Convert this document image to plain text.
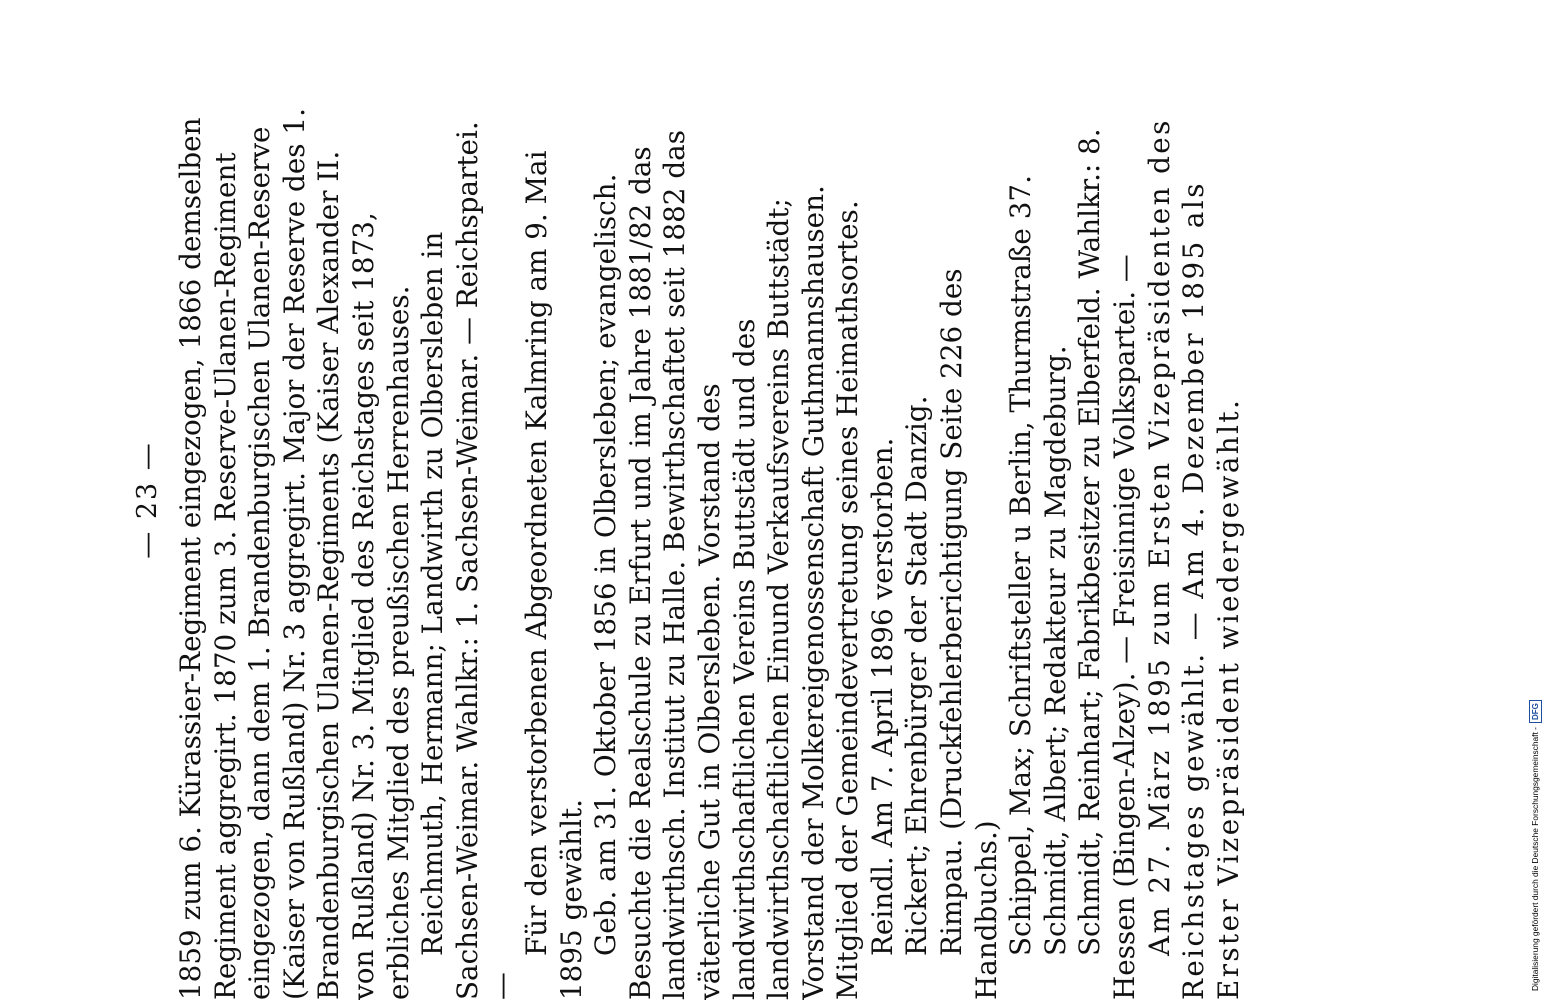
— 23 — 1859 zum 6. Kürassier-Regiment eingezogen, 1866 demselben Regiment aggregirt. 1870 zum 3. Reserve-Ulanen-Regiment eingezogen, dann dem 1. Brandenburgischen Ulanen-Reserve (Kaiser von Rußland) Nr. 3 aggregirt. Major der Reserve des 1. Brandenburgischen Ulanen-Regiments (Kaiser Alexander II. von Rußland) Nr. 3. Mitglied des Reichstages seit 1873, erbliches Mitglied des preußischen Herrenhauses. Reichmuth, Hermann; Landwirth zu Olbersleben in Sachsen-Weimar. Wahlkr.: 1. Sachsen-Weimar. — Reichspartei. —

Für den verstorbenen Abgeordneten Kalmring am 9. Mai 1895 gewählt. Geb. am 31. Oktober 1856 in Olbersleben; evangelisch. Besuchte die Realschule zu Erfurt und im Jahre 1881/82 das landwirthsch. Institut zu Halle. Bewirthschaftet seit 1882 das väterliche Gut in Olbersleben. Vorstand des landwirthschaftlichen Vereins Buttstädt und des landwirthschaftlichen Einund Verkaufsvereins Buttstädt; Vorstand der Molkereigenossenschaft Guthmannshausen. Mitglied der Gemeindevertretung seines Heimathsortes. Reindl. Am 7. April 1896 verstorben. Rickert; Ehrenbürger der Stadt Danzig. Rimpau. (Druckfehlerberichtigung Seite 226 des Handbuchs.) Schippel, Max; Schriftsteller u Berlin, Thurmstraße 37. Schmidt, Albert; Redakteur zu Magdeburg. Schmidt, Reinhart; Fabrikbesitzer zu Elberfeld. Wahlkr.: 8. Hessen (Bingen-Alzey). — Freisinnige Volkspartei. — Am 27. März 1895 zum Ersten Vizepräsidenten des Reichstages gewählt. — Am 4. Dezember 1895 als Erster Vizepräsident wiedergewählt.	Digitalisierung gefördert durch die Deutsche Forschungsgemeinschaft -
DFG
